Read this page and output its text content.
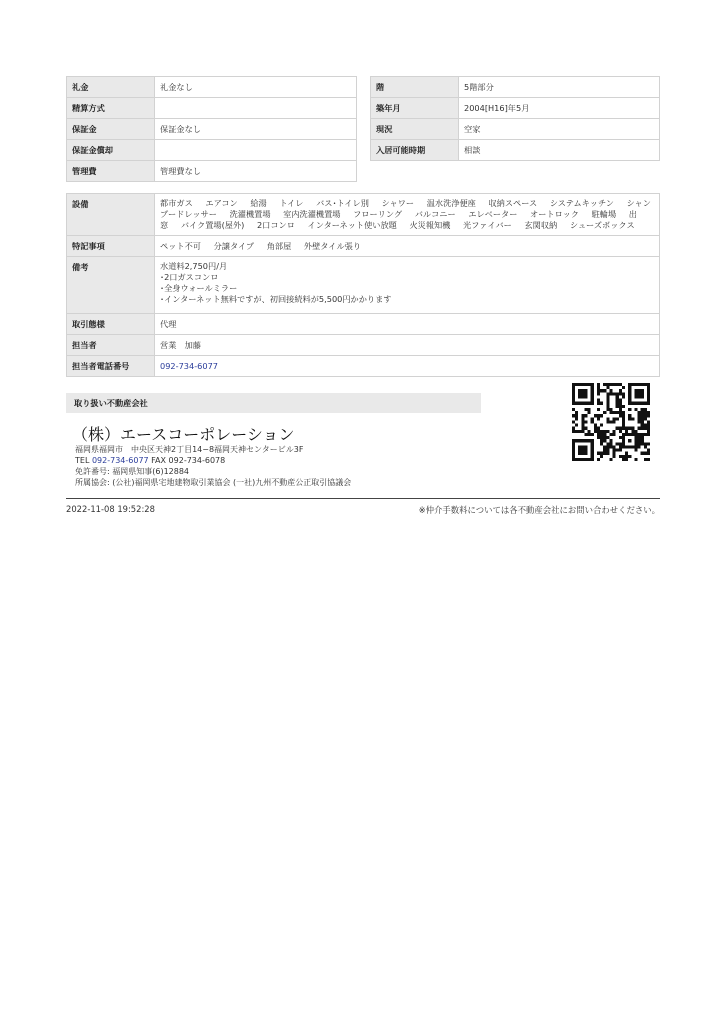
礼金	礼金なし
精算方式	
保証金	保証金なし
保証金償却	
管理費	管理費なし
階	5階部分
築年月	2004[H16]年5月
現況	空家
入居可能時期	相談
設備	都市ガス エアコン 給湯 トイレ バス･トイレ別 シャワー 温水洗浄便座 収納スペース システムキッチン シャンプードレッサー 洗濯機置場 室内洗濯機置場 フローリング バルコニー エレベーター オートロック 駐輪場 出窓 バイク置場(屋外) 2口コンロ インターネット使い放題 火災報知機 光ファイバー 玄関収納 シューズボックス
特記事項	ペット不可 分譲タイプ 角部屋 外壁タイル張り
備考	水道料2,750円/月
･2口ガスコンロ
･全身ウォールミラー
･インターネット無料ですが、初回接続料が5,500円かかります

取引態様	代理
担当者	営業　加藤
担当者電話番号	092-734-6077
取り扱い不動産会社
（株）エースコーポレーション
福岡県福岡市　中央区天神2丁目14−8福岡天神センタービル3F
TEL 092-734-6077 FAX 092-734-6078
免許番号: 福岡県知事(6)12884
所属協会: (公社)福岡県宅地建物取引業協会 (一社)九州不動産公正取引協議会
2022-11-08 19:52:28	※仲介手数料については各不動産会社にお問い合わせください。
